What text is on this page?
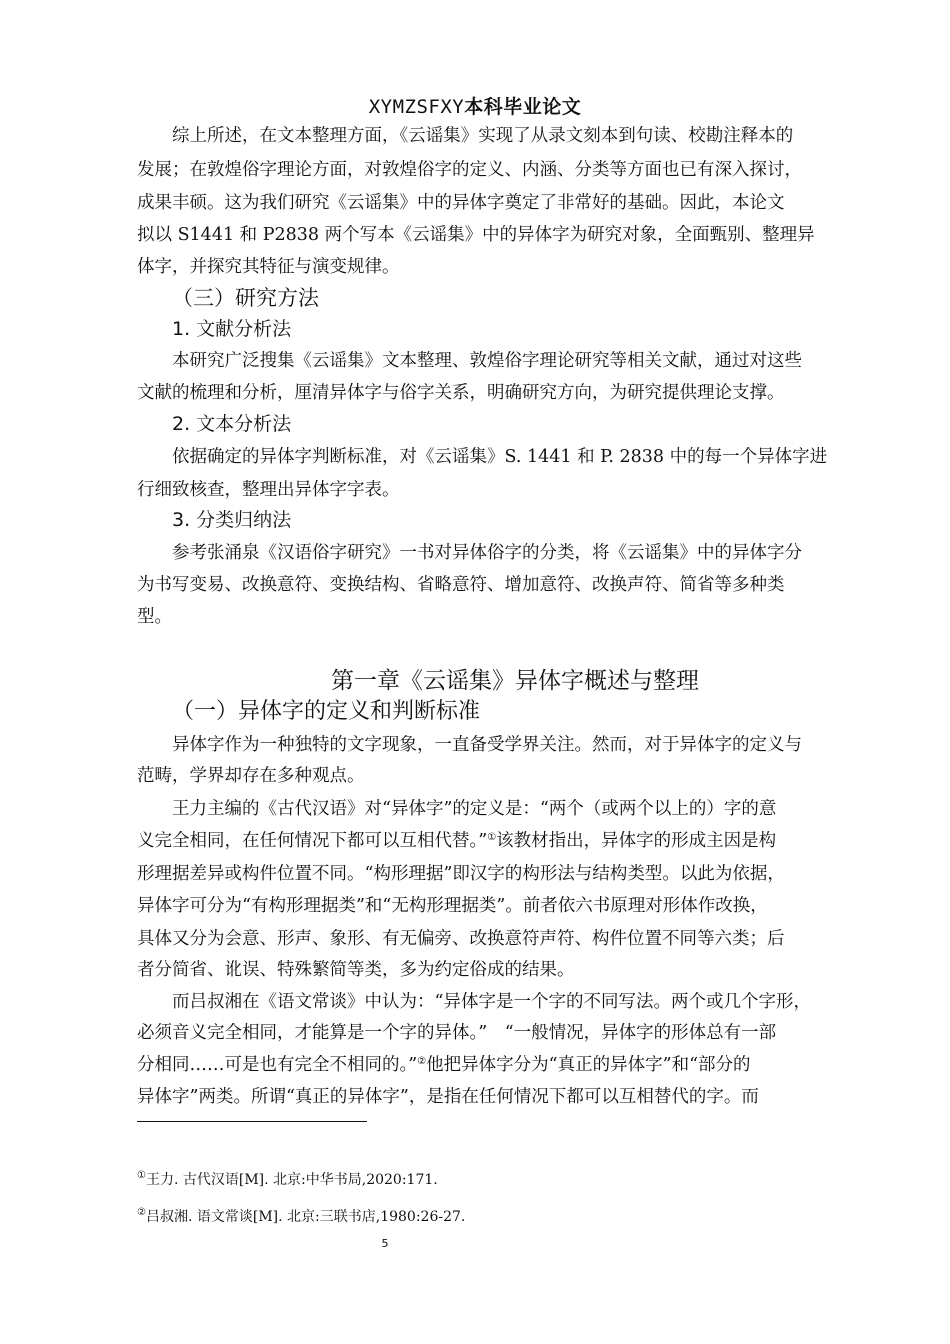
XYMZSFXY本科毕业论文
综上所述，在文本整理方面，《云谣集》实现了从录文刻本到句读、校勘注释本的
发展；在敦煌俗字理论方面，对敦煌俗字的定义、内涵、分类等方面也已有深入探讨，
成果丰硕。这为我们研究《云谣集》中的异体字奠定了非常好的基础。因此，本论文
拟以 S1441 和 P2838 两个写本《云谣集》中的异体字为研究对象，全面甄别、整理异
体字，并探究其特征与演变规律。
（三）研究方法
1. 文献分析法
本研究广泛搜集《云谣集》文本整理、敦煌俗字理论研究等相关文献，通过对这些
文献的梳理和分析，厘清异体字与俗字关系，明确研究方向，为研究提供理论支撑。
2. 文本分析法
依据确定的异体字判断标准，对《云谣集》S. 1441 和 P. 2838 中的每一个异体字进
行细致核查，整理出异体字字表。
3. 分类归纳法
参考张涌泉《汉语俗字研究》一书对异体俗字的分类，将《云谣集》中的异体字分
为书写变易、改换意符、变换结构、省略意符、增加意符、改换声符、简省等多种类
型。
第一章《云谣集》异体字概述与整理
（一）异体字的定义和判断标准
异体字作为一种独特的文字现象，一直备受学界关注。然而，对于异体字的定义与
范畴，学界却存在多种观点。
王力主编的《古代汉语》对“异体字”的定义是：“两个（或两个以上的）字的意
义完全相同，在任何情况下都可以互相代替。”①该教材指出，异体字的形成主因是构
形理据差异或构件位置不同。“构形理据”即汉字的构形法与结构类型。以此为依据，
异体字可分为“有构形理据类”和“无构形理据类”。前者依六书原理对形体作改换，
具体又分为会意、形声、象形、有无偏旁、改换意符声符、构件位置不同等六类；后
者分简省、讹误、特殊繁简等类，多为约定俗成的结果。
而吕叔湘在《语文常谈》中认为：“异体字是一个字的不同写法。两个或几个字形，
必须音义完全相同，才能算是一个字的异体。”　“一般情况，异体字的形体总有一部
分相同……可是也有完全不相同的。”②他把异体字分为“真正的异体字”和“部分的
异体字”两类。所谓“真正的异体字”，是指在任何情况下都可以互相替代的字。而
①王力. 古代汉语[M]. 北京:中华书局,2020:171.
②吕叔湘. 语文常谈[M]. 北京:三联书店,1980:26-27.
5
